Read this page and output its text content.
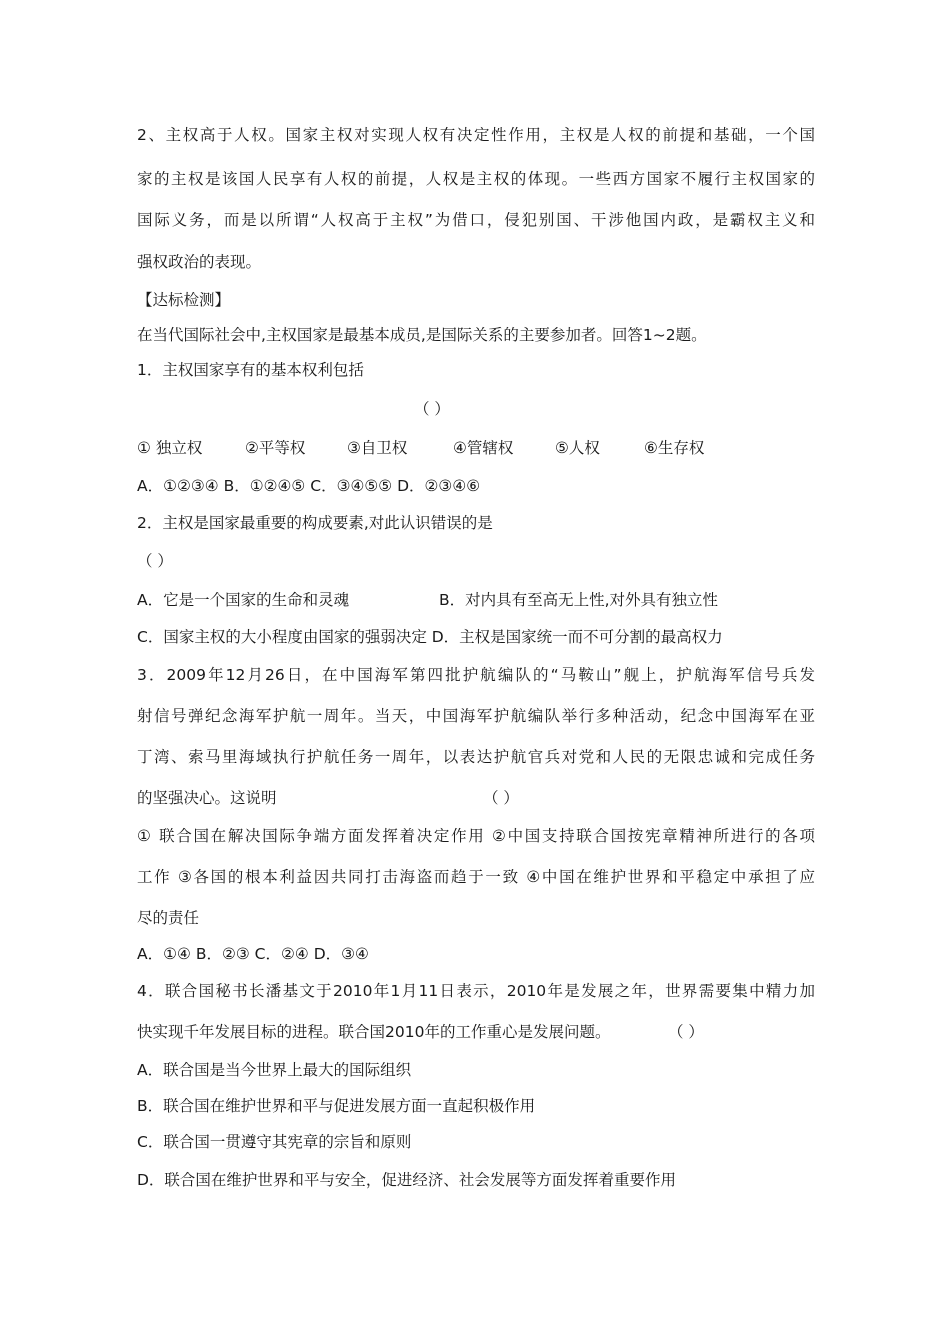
2、主权高于人权。国家主权对实现人权有决定性作用，主权是人权的前提和基础，一个国
家的主权是该国人民享有人权的前提，人权是主权的体现。一些西方国家不履行主权国家的
国际义务，而是以所谓“人权高于主权”为借口，侵犯别国、干涉他国内政，是霸权主义和
强权政治的表现。
【达标检测】
在当代国际社会中,主权国家是最基本成员,是国际关系的主要参加者。回答1~2题。
1．主权国家享有的基本权利包括
（ ）
① 独立权	②平等权	③自卫权	④管辖权	⑤人权	⑥生存权
A．①②③④ B．①②④⑤ C．③④⑤⑤ D．②③④⑥
2．主权是国家最重要的构成要素,对此认识错误的是
（ ）
A．它是一个国家的生命和灵魂	B．对内具有至高无上性,对外具有独立性
C．国家主权的大小程度由国家的强弱决定 D．主权是国家统一而不可分割的最高权力
3．2009年12月26日，在中国海军第四批护航编队的“马鞍山”舰上，护航海军信号兵发
射信号弹纪念海军护航一周年。当天，中国海军护航编队举行多种活动，纪念中国海军在亚
丁湾、索马里海域执行护航任务一周年，以表达护航官兵对党和人民的无限忠诚和完成任务
的坚强决心。这说明	（ ）
① 联合国在解决国际争端方面发挥着决定作用 ②中国支持联合国按宪章精神所进行的各项
工作 ③各国的根本利益因共同打击海盗而趋于一致 ④中国在维护世界和平稳定中承担了应
尽的责任
A．①④ B．②③ C．②④ D．③④
4．联合国秘书长潘基文于2010年1月11日表示，2010年是发展之年，世界需要集中精力加
快实现千年发展目标的进程。联合国2010年的工作重心是发展问题。	（ ）
A．联合国是当今世界上最大的国际组织
B．联合国在维护世界和平与促进发展方面一直起积极作用
C．联合国一贯遵守其宪章的宗旨和原则
D．联合国在维护世界和平与安全，促进经济、社会发展等方面发挥着重要作用
